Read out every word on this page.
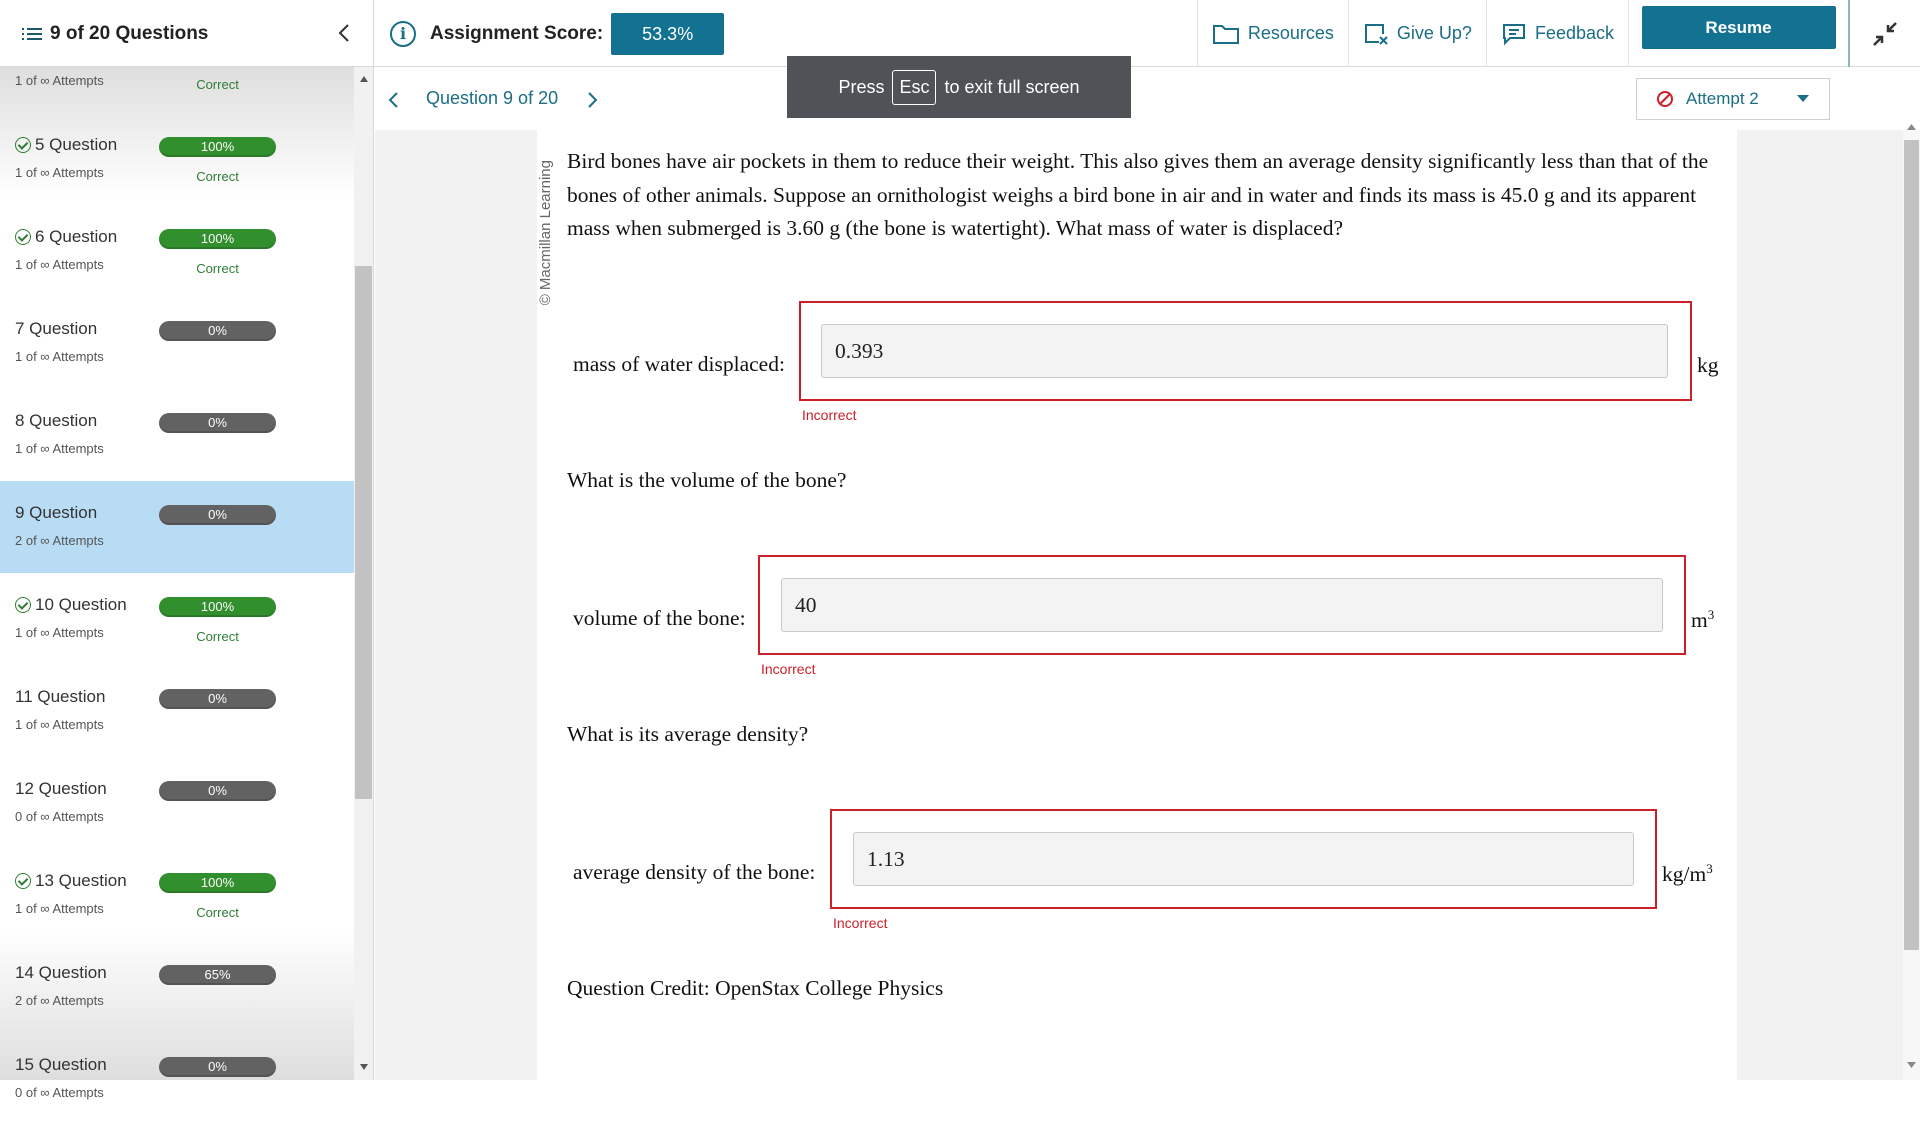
9 of 20 Questions	i	Assignment Score:	53.3%	Resources	Give Up?	Feedback	Resume
1 of ∞ Attempts	Correct
5 Question	100%
1 of ∞ Attempts	Correct
6 Question	100%
1 of ∞ Attempts	Correct
7 Question	0%
1 of ∞ Attempts
8 Question	0%
1 of ∞ Attempts
9 Question	0%
2 of ∞ Attempts
10 Question	100%
1 of ∞ Attempts	Correct
11 Question	0%
1 of ∞ Attempts
12 Question	0%
0 of ∞ Attempts
13 Question	100%
1 of ∞ Attempts	Correct
14 Question	65%
2 of ∞ Attempts
15 Question	0%
0 of ∞ Attempts
Question 9 of 20	Attempt 2
© Macmillan Learning Bird bones have air pockets in them to reduce their weight. This also gives them an average density significantly less than that of the bones of other animals. Suppose an ornithologist weighs a bird bone in air and in water and finds its mass is 45.0 g and its apparent mass when submerged is 3.60 g (the bone is watertight). What mass of water is displaced?
mass of water displaced:
0.393	kg
Incorrect
What is the volume of the bone?
volume of the bone:
40	$m^3$
Incorrect
What is its average density?
average density of the bone:
1.13	$kg/m^3$
Incorrect
Question Credit: OpenStax College Physics
Press Esc to exit full screen
